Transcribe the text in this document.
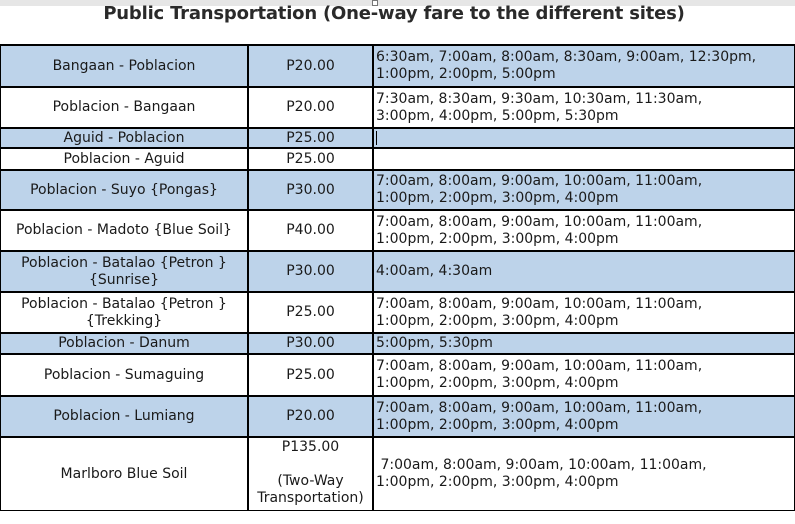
Public Transportation (One-way fare to the different sites)
Bangaan - Poblacion	P20.00	6:30am, 7:00am, 8:00am, 8:30am, 9:00am, 12:30pm,
1:00pm, 2:00pm, 5:00pm
Poblacion - Bangaan	P20.00	7:30am, 8:30am, 9:30am, 10:30am, 11:30am,
3:00pm, 4:00pm, 5:00pm, 5:30pm
Aguid - Poblacion	P25.00	
Poblacion - Aguid	P25.00	
Poblacion - Suyo {Pongas}	P30.00	7:00am, 8:00am, 9:00am, 10:00am, 11:00am,
1:00pm, 2:00pm, 3:00pm, 4:00pm
Poblacion - Madoto {Blue Soil}	P40.00	7:00am, 8:00am, 9:00am, 10:00am, 11:00am,
1:00pm, 2:00pm, 3:00pm, 4:00pm
Poblacion - Batalao {Petron }
{Sunrise}	P30.00	4:00am, 4:30am
Poblacion - Batalao {Petron }
{Trekking}	P25.00	7:00am, 8:00am, 9:00am, 10:00am, 11:00am,
1:00pm, 2:00pm, 3:00pm, 4:00pm
Poblacion - Danum	P30.00	5:00pm, 5:30pm
Poblacion - Sumaguing	P25.00	7:00am, 8:00am, 9:00am, 10:00am, 11:00am,
1:00pm, 2:00pm, 3:00pm, 4:00pm
Poblacion - Lumiang	P20.00	7:00am, 8:00am, 9:00am, 10:00am, 11:00am,
1:00pm, 2:00pm, 3:00pm, 4:00pm
Marlboro Blue Soil	P135.00
(Two-Way
Transportation)	7:00am, 8:00am, 9:00am, 10:00am, 11:00am,
1:00pm, 2:00pm, 3:00pm, 4:00pm
